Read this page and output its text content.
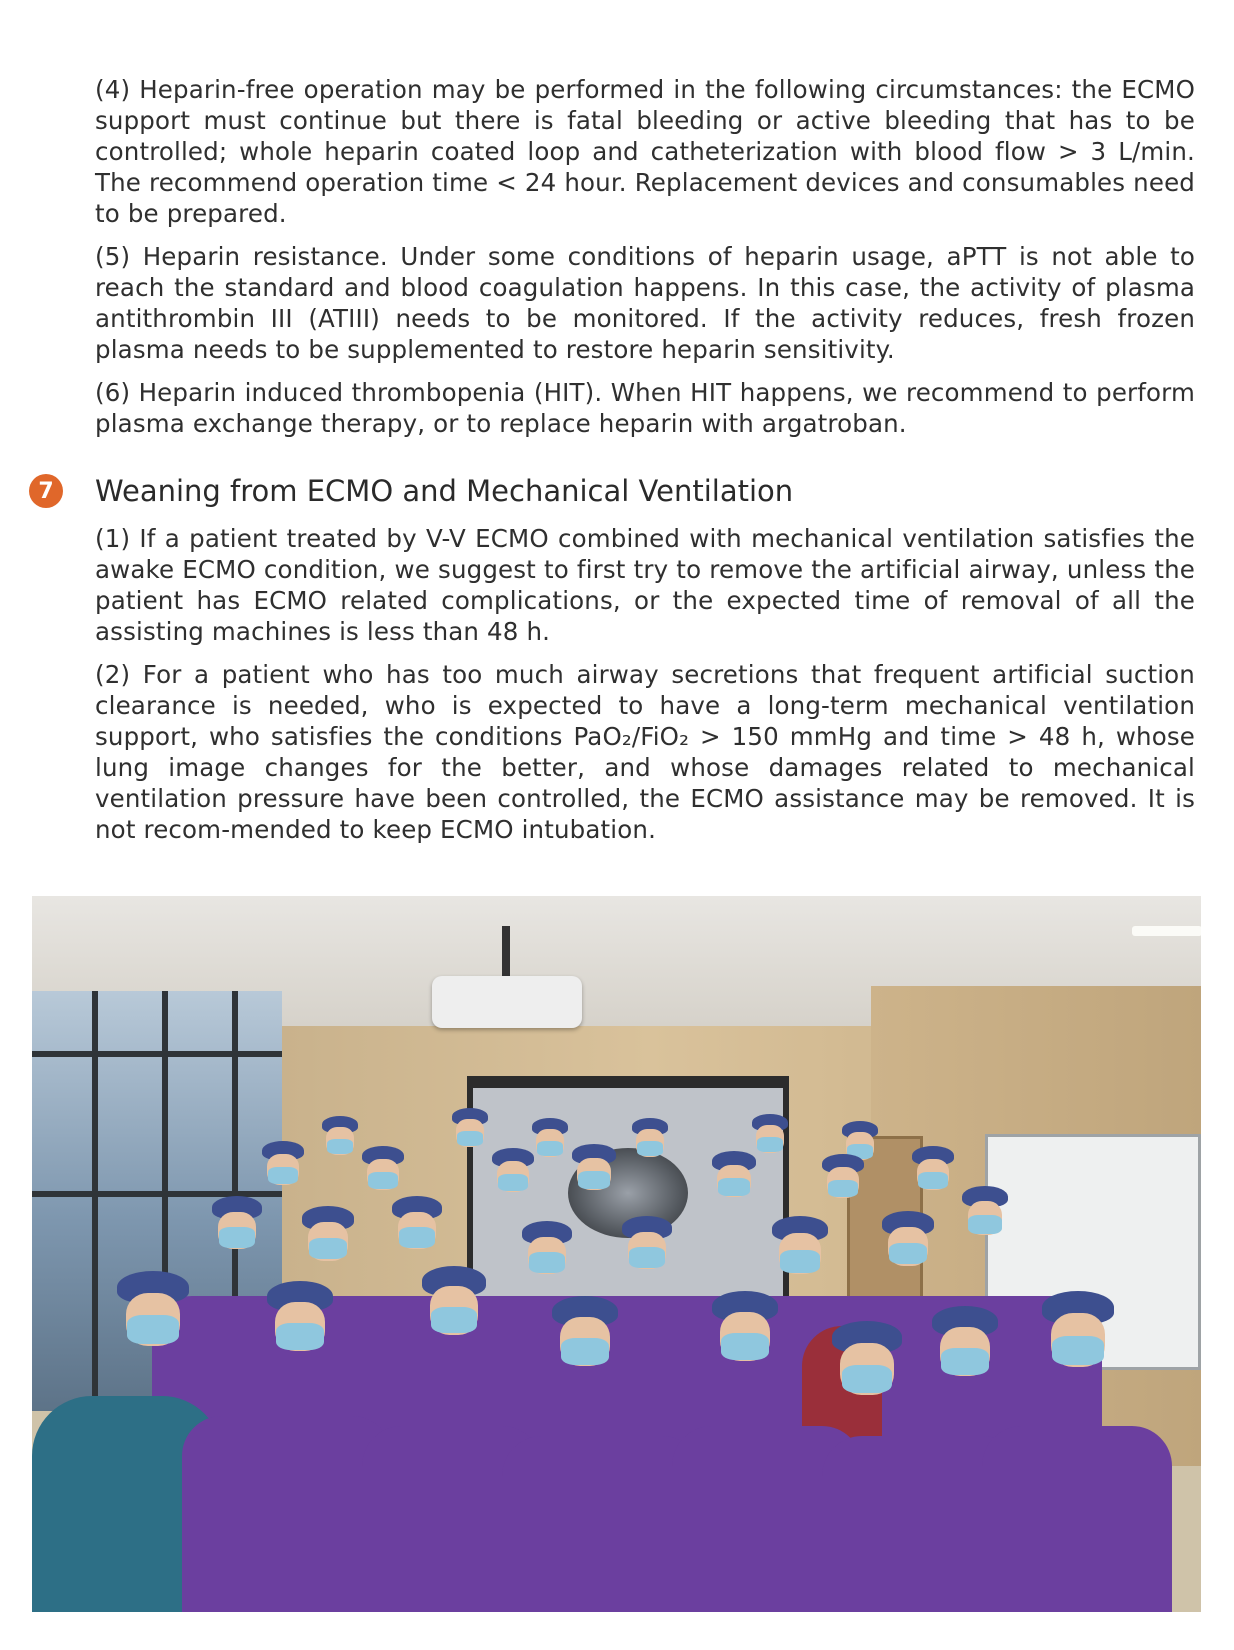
(4) Heparin-free operation may be performed in the following circumstances: the ECMO support must continue but there is fatal bleeding or active bleeding that has to be controlled; whole heparin coated loop and catheterization with blood flow > 3 L/min. The recommend operation time < 24 hour. Replacement devices and consumables need to be prepared.

(5) Heparin resistance. Under some conditions of heparin usage, aPTT is not able to reach the standard and blood coagulation happens. In this case, the activity of plasma antithrombin III (ATIII) needs to be monitored. If the activity reduces, fresh frozen plasma needs to be supplemented to restore heparin sensitivity.

(6) Heparin induced thrombopenia (HIT). When HIT happens, we recommend to perform plasma exchange therapy, or to replace heparin with argatroban.

7	Weaning from ECMO and Mechanical Ventilation

(1) If a patient treated by V-V ECMO combined with mechanical ventilation satisfies the awake ECMO condition, we suggest to first try to remove the artificial airway, unless the patient has ECMO related complications, or the expected time of removal of all the assisting machines is less than 48 h.

(2) For a patient who has too much airway secretions that frequent artificial suction clearance is needed, who is expected to have a long-term mechanical ventilation support, who satisfies the conditions PaO₂/FiO₂ > 150 mmHg and time > 48 h, whose lung image changes for the better, and whose damages related to mechanical ventilation pressure have been controlled, the ECMO assistance may be removed. It is not recom-mended to keep ECMO intubation.
